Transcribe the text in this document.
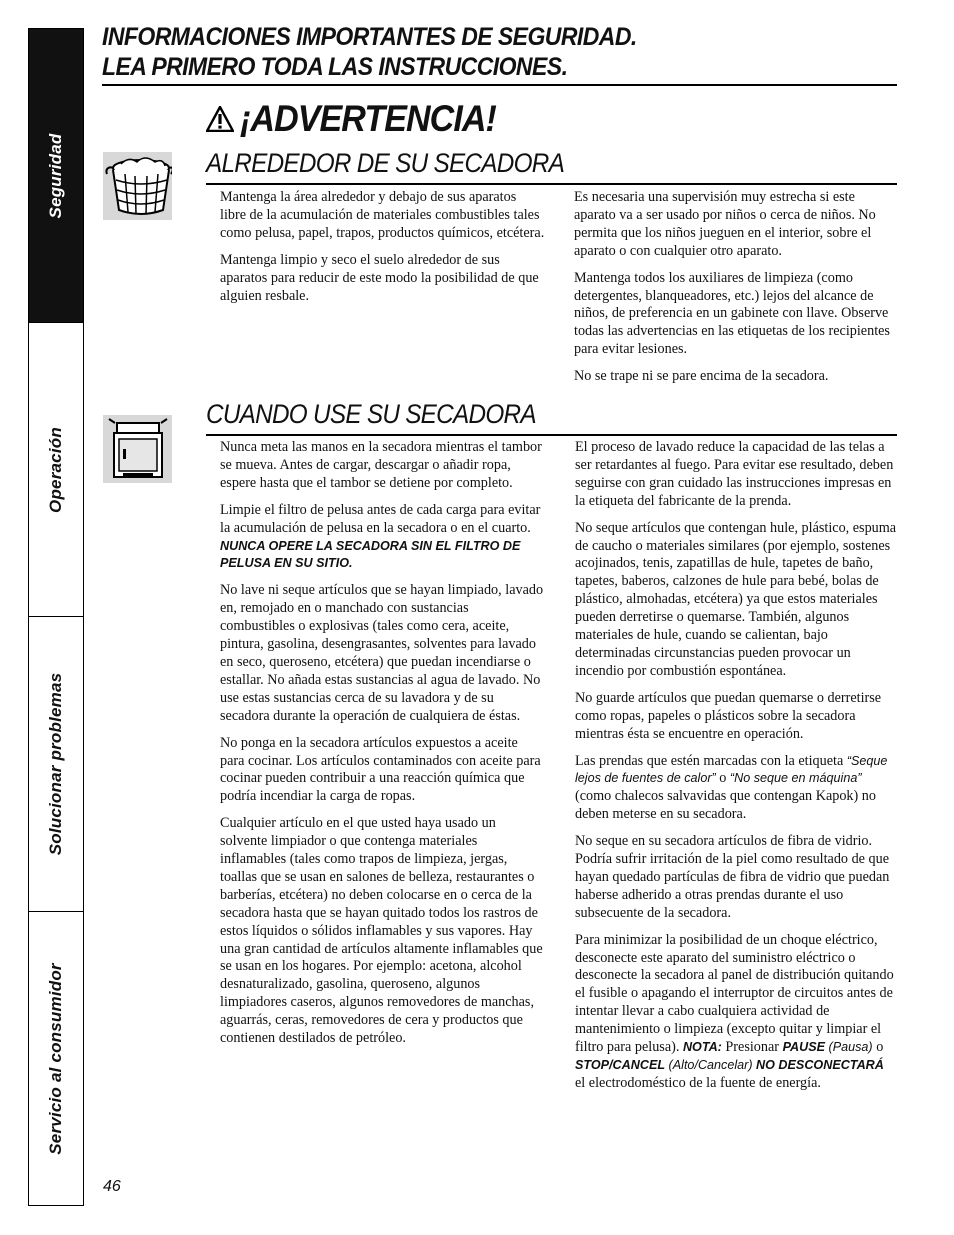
Seguridad
Operación
Solucionar problemas
Servicio al consumidor
INFORMACIONES IMPORTANTES DE SEGURIDAD.
LEA PRIMERO TODA LAS INSTRUCCIONES.
¡ADVERTENCIA!
ALREDEDOR DE SU SECADORA

Mantenga la área alrededor y debajo de sus aparatos libre de la acumulación de materiales combustibles tales como pelusa, papel, trapos, productos químicos, etcétera.

Mantenga limpio y seco el suelo alrededor de sus aparatos para reducir de este modo la posibilidad de que alguien resbale.

Es necesaria una supervisión muy estrecha si este aparato va a ser usado por niños o cerca de niños. No permita que los niños jueguen en el interior, sobre el aparato o con cualquier otro aparato.

Mantenga todos los auxiliares de limpieza (como detergentes, blanqueadores, etc.) lejos del alcance de niños, de preferencia en un gabinete con llave. Observe todas las advertencias en las etiquetas de los recipientes para evitar lesiones.

No se trape ni se pare encima de la secadora.

CUANDO USE SU SECADORA

Nunca meta las manos en la secadora mientras el tambor se mueva. Antes de cargar, descargar o añadir ropa, espere hasta que el tambor se detiene por completo.

Limpie el filtro de pelusa antes de cada carga para evitar la acumulación de pelusa en la secadora o en el cuarto. NUNCA OPERE LA SECADORA SIN EL FILTRO DE PELUSA EN SU SITIO.

No lave ni seque artículos que se hayan limpiado, lavado en, remojado en o manchado con sustancias combustibles o explosivas (tales como cera, aceite, pintura, gasolina, desengrasantes, solventes para lavado en seco, queroseno, etcétera) que puedan incendiarse o estallar. No añada estas sustancias al agua de lavado. No use estas sustancias cerca de su lavadora y de su secadora durante la operación de cualquiera de éstas.

No ponga en la secadora artículos expuestos a aceite para cocinar. Los artículos contaminados con aceite para cocinar pueden contribuir a una reacción química que podría incendiar la carga de ropas.

Cualquier artículo en el que usted haya usado un solvente limpiador o que contenga materiales inflamables (tales como trapos de limpieza, jergas, toallas que se usan en salones de belleza, restaurantes o barberías, etcétera) no deben colocarse en o cerca de la secadora hasta que se hayan quitado todos los rastros de estos líquidos o sólidos inflamables y sus vapores. Hay una gran cantidad de artículos altamente inflamables que se usan en los hogares. Por ejemplo: acetona, alcohol desnaturalizado, gasolina, queroseno, algunos limpiadores caseros, algunos removedores de manchas, aguarrás, ceras, removedores de cera y productos que contienen destilados de petróleo.

El proceso de lavado reduce la capacidad de las telas a ser retardantes al fuego. Para evitar ese resultado, deben seguirse con gran cuidado las instrucciones impresas en la etiqueta del fabricante de la prenda.

No seque artículos que contengan hule, plástico, espuma de caucho o materiales similares (por ejemplo, sostenes acojinados, tenis, zapatillas de hule, tapetes de baño, tapetes, baberos, calzones de hule para bebé, bolas de plástico, almohadas, etcétera) ya que estos materiales pueden derretirse o quemarse. También, algunos materiales de hule, cuando se calientan, bajo determinadas circunstancias pueden provocar un incendio por combustión espontánea.

No guarde artículos que puedan quemarse o derretirse como ropas, papeles o plásticos sobre la secadora mientras ésta se encuentre en operación.

Las prendas que estén marcadas con la etiqueta “Seque lejos de fuentes de calor” o “No seque en máquina” (como chalecos salvavidas que contengan Kapok) no deben meterse en su secadora.

No seque en su secadora artículos de fibra de vidrio. Podría sufrir irritación de la piel como resultado de que hayan quedado partículas de fibra de vidrio que puedan haberse adherido a otras prendas durante el uso subsecuente de la secadora.

Para minimizar la posibilidad de un choque eléctrico, desconecte este aparato del suministro eléctrico o desconecte la secadora al panel de distribución quitando el fusible o apagando el interruptor de circuitos antes de intentar llevar a cabo cualquiera actividad de mantenimiento o limpieza (excepto quitar y limpiar el filtro para pelusa). NOTA: Presionar PAUSE (Pausa) o STOP/CANCEL (Alto/Cancelar) NO DESCONECTARÁ el electrodoméstico de la fuente de energía.

46
